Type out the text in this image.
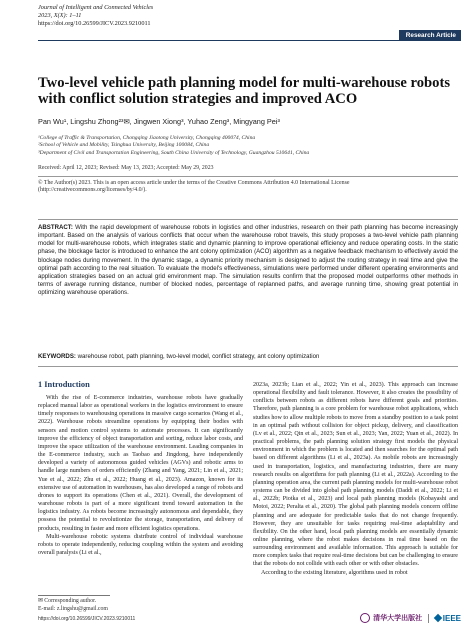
Journal of Intelligent and Connected Vehicles
2023, X(X): 1–11
https://doi.org/10.26599/JICV.2023.9210011
Research Article
Two-level vehicle path planning model for multi-warehouse robots with conflict solution strategies and improved ACO
Pan Wu¹, Lingshu Zhong²³✉, Jingwen Xiong³, Yuhao Zeng³, Mingyang Pei³
¹College of Traffic & Transportation, Chongqing Jiaotong University, Chongqing 400074, China
²School of Vehicle and Mobility, Tsinghua University, Beijing 100084, China
³Department of Civil and Transportation Engineering, South China University of Technology, Guangzhou 510641, China
Received: April 12, 2023; Revised: May 13, 2023; Accepted: May 29, 2023
© The Author(s) 2023. This is an open access article under the terms of the Creative Commons Attribution 4.0 International License (http://creativecommons.org/licenses/by/4.0/).
ABSTRACT: With the rapid development of warehouse robots in logistics and other industries, research on their path planning has become increasingly important. Based on the analysis of various conflicts that occur when the warehouse robot travels, this study proposes a two-level vehicle path planning model for multi-warehouse robots, which integrates static and dynamic planning to improve operational efficiency and reduce operating costs. In the static phase, the blockage factor is introduced to enhance the ant colony optimization (ACO) algorithm as a negative feedback mechanism to effectively avoid the blockage nodes during movement. In the dynamic stage, a dynamic priority mechanism is designed to adjust the routing strategy in real time and give the optimal path according to the real situation. To evaluate the model's effectiveness, simulations were performed under different operating environments and application strategies based on an actual grid environment map. The simulation results confirm that the proposed model outperforms other methods in terms of average running distance, number of blocked nodes, percentage of replanned paths, and average running time, showing great potential in optimizing warehouse operations.
KEYWORDS: warehouse robot, path planning, two-level model, conflict strategy, ant colony optimization
1 Introduction

With the rise of E-commerce industries, warehouse robots have gradually replaced manual labor as operational workers in the logistics environment to ensure timely responses to warehousing operations in massive cargo scenarios (Wang et al., 2022). Warehouse robots streamline operations by equipping their bodies with sensors and motion control systems to automate processes. It can significantly improve the efficiency of object transportation and sorting, reduce labor costs, and improve the space utilization of the warehouse environment. Leading companies in the E-commerce industry, such as Taobao and Jingdong, have independently developed a variety of autonomous guided vehicles (AGVs) and robotic arms to handle large numbers of orders efficiently (Zhang and Yang, 2021; Lin et al., 2021; Yue et al., 2022; Zhu et al., 2022; Huang et al., 2023). Amazon, known for its extensive use of automation in warehouses, has also developed a range of robots and drones to support its operations (Chen et al., 2021). Overall, the development of warehouse robots is part of a more significant trend toward automation in the logistics industry. As robots become increasingly autonomous and dependable, they possess the potential to revolutionize the storage, transportation, and delivery of products, resulting in faster and more efficient logistics operations.

Multi-warehouse robotic systems distribute control of individual warehouse robots to operate independently, reducing coupling within the system and avoiding overall paralysis (Li et al.,

2023a, 2023b; Lian et al., 2022; Yin et al., 2023). This approach can increase operational flexibility and fault tolerance. However, it also creates the possibility of conflicts between robots as different robots have different goals and priorities. Therefore, path planning is a core problem for warehouse robot applications, which studies how to allow multiple robots to move from a standby position to a task point in an optimal path without collision for object pickup, delivery, and classification (Lv et al., 2022; Qin et al., 2023; Sun et al., 2023; Yan, 2022; Yuan et al., 2022). In practical problems, the path planning solution strategy first models the physical environment in which the problem is located and then searches for the optimal path based on different algorithms (Li et al., 2023a). As mobile robots are increasingly used in transportation, logistics, and manufacturing industries, there are many research results on algorithms for path planning (Li et al., 2022a). According to the planning operation area, the current path planning models for multi-warehouse robot systems can be divided into global path planning models (Daddi et al., 2022; Li et al., 2022b; Piotka et al., 2023) and local path planning models (Kobayashi and Motoi, 2022; Peralta et al., 2020). The global path planning models concern offline planning and are adequate for predictable tasks that do not change frequently. However, they are unsuitable for tasks requiring real-time adaptability and flexibility. On the other hand, local path planning models are essentially dynamic online planning, where the robot makes decisions in real time based on the surrounding environment and available information. This approach is suitable for more complex tasks that require real-time decisions but can be challenging to ensure that the robots do not collide with each other or with other obstacles.

According to the existing literature, algorithms used in robot

✉ Corresponding author.
E-mail: z.lingshu@gmail.com
https://doi.org/10.26599/JICV.2023.9210011	清华大学出版社	IEEE
